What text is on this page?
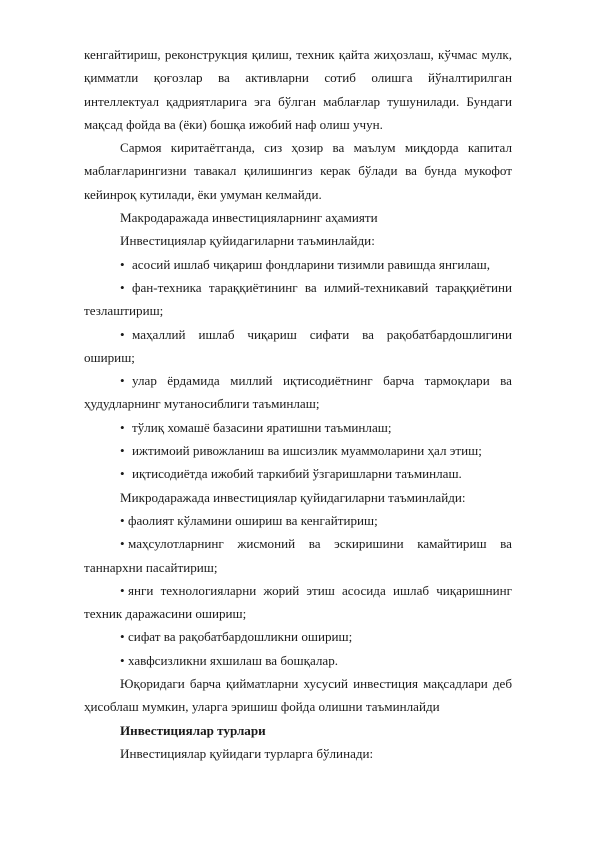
кенгайтириш, реконструкция қилиш, техник қайта жиҳозлаш, кўчмас мулк, қимматли қоғозлар ва активларни сотиб олишга йўналтирилган интеллектуал қадриятларига эга бўлган маблағлар тушунилади. Бундаги мақсад фойда ва (ёки) бошқа ижобий наф олиш учун.

Сармоя киритаётганда, сиз ҳозир ва маълум миқдорда капитал маблағларингизни тавакал қилишингиз керак бўлади ва бунда мукофот кейинроқ кутилади, ёки умуман келмайди.

Макродаражада инвестицияларнинг аҳамияти

Инвестициялар қуйидагиларни таъминлайди:

• асосий ишлаб чиқариш фондларини тизимли равишда янгилаш,

• фан-техника тараққиётининг ва илмий-техникавий тараққиётини тезлаштириш;

• маҳаллий ишлаб чиқариш сифати ва рақобатбардошлигини ошириш;

• улар ёрдамида миллий иқтисодиётнинг барча тармоқлари ва ҳудудларнинг мутаносиблиги таъминлаш;

• тўлиқ хомашё базасини яратишни таъминлаш;

• ижтимоий ривожланиш ва ишсизлик муаммоларини ҳал этиш;

• иқтисодиётда ижобий таркибий ўзгаришларни таъминлаш.

Микродаражада инвестициялар қуйидагиларни таъминлайди:

• фаолият кўламини ошириш ва кенгайтириш;

• маҳсулотларнинг жисмоний ва эскиришини камайтириш ва таннархни пасайтириш;

• янги технологияларни жорий этиш асосида ишлаб чиқаришнинг техник даражасини ошириш;

• сифат ва рақобатбардошликни ошириш;

• хавфсизликни яхшилаш ва бошқалар.

Юқоридаги барча қийматларни хусусий инвестиция мақсадлари деб ҳисоблаш мумкин, уларга эришиш фойда олишни таъминлайди

Инвестициялар турлари

Инвестициялар қуйидаги турларга бўлинади:
